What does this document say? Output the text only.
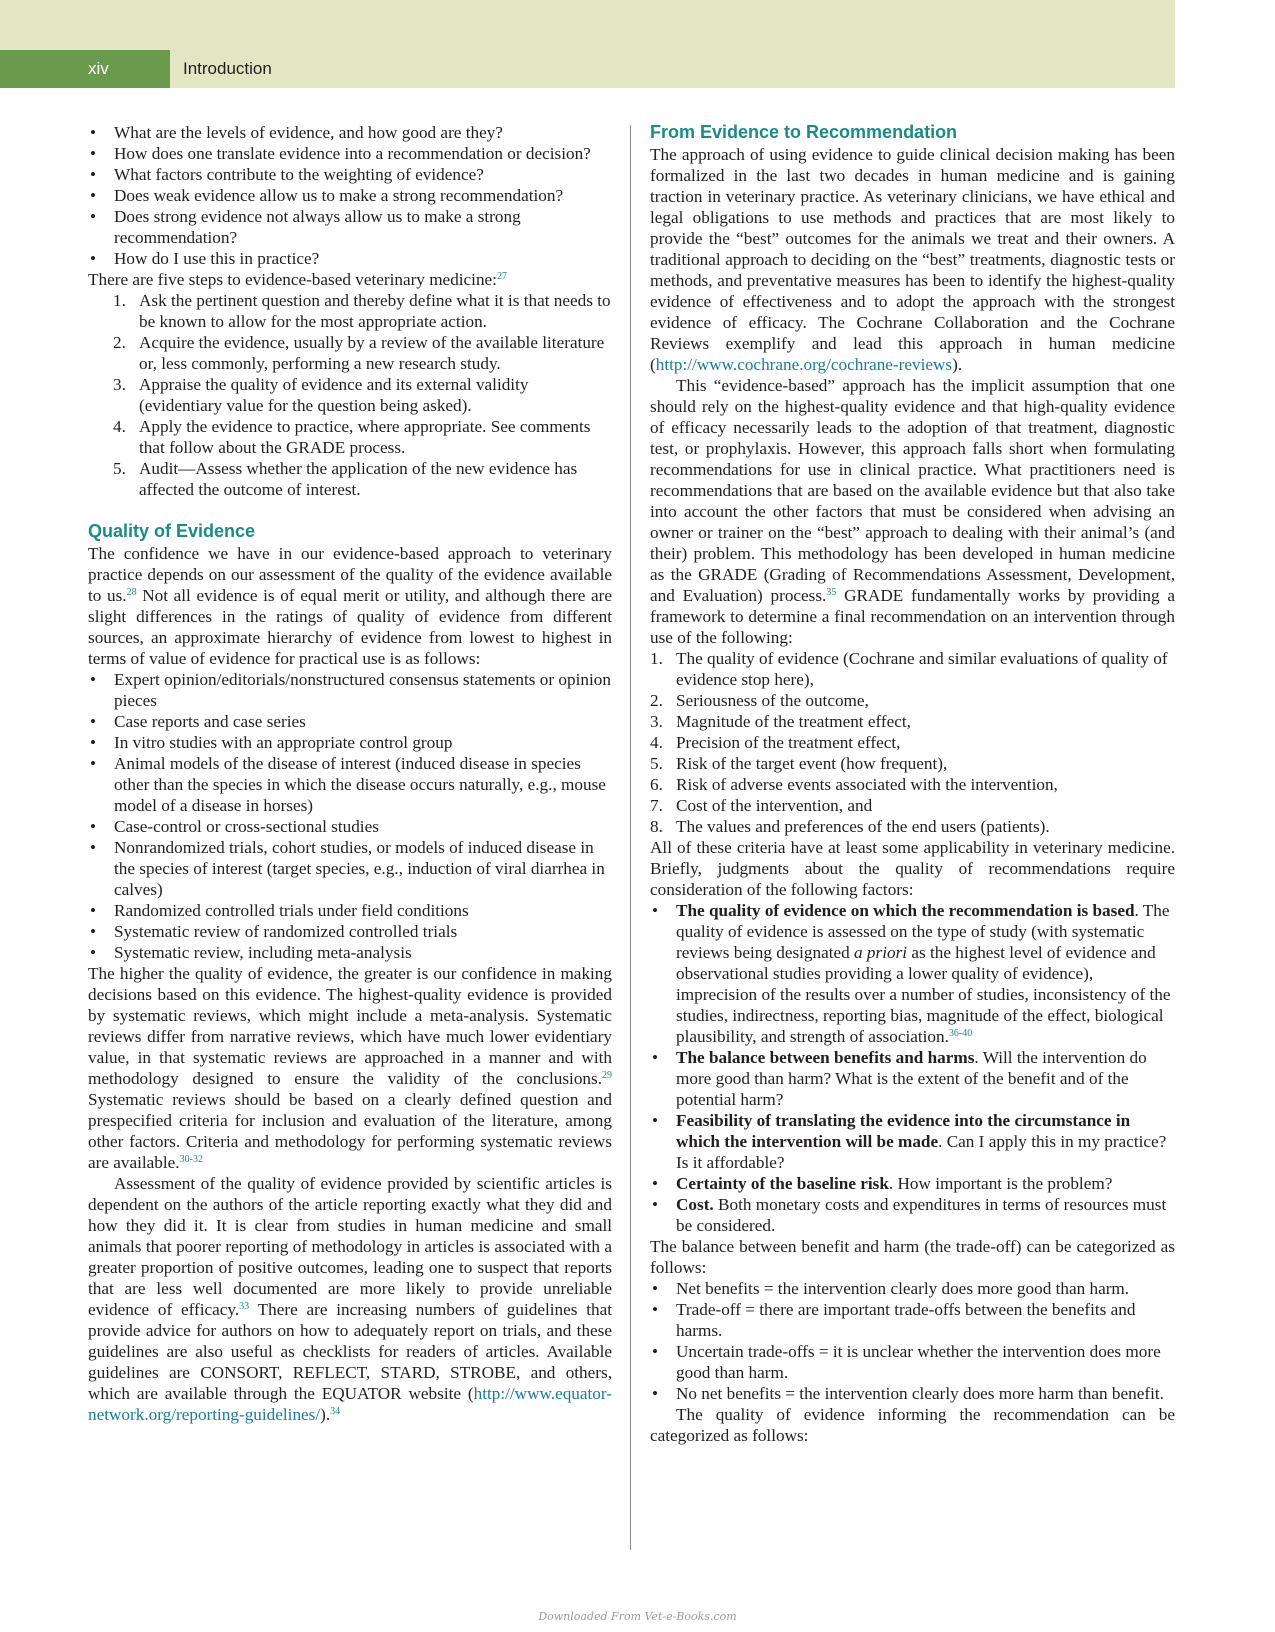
xiv	Introduction
• What are the levels of evidence, and how good are they?
• How does one translate evidence into a recommendation or decision?
• What factors contribute to the weighting of evidence?
• Does weak evidence allow us to make a strong recommendation?
• Does strong evidence not always allow us to make a strong recommendation?
• How do I use this in practice?

There are five steps to evidence-based veterinary medicine:$^{27}$

1. Ask the pertinent question and thereby define what it is that needs to be known to allow for the most appropriate action.
2. Acquire the evidence, usually by a review of the available literature or, less commonly, performing a new research study.
3. Appraise the quality of evidence and its external validity (evidentiary value for the question being asked).
4. Apply the evidence to practice, where appropriate. See comments that follow about the GRADE process.
5. Audit—Assess whether the application of the new evidence has affected the outcome of interest.
Quality of Evidence

The confidence we have in our evidence-based approach to veterinary practice depends on our assessment of the quality of the evidence available to us.$^{28}$ Not all evidence is of equal merit or utility, and although there are slight differences in the ratings of quality of evidence from different sources, an approximate hierarchy of evidence from lowest to highest in terms of value of evidence for practical use is as follows:

• Expert opinion/editorials/nonstructured consensus statements or opinion pieces
• Case reports and case series
• In vitro studies with an appropriate control group
• Animal models of the disease of interest (induced disease in species other than the species in which the disease occurs naturally, e.g., mouse model of a disease in horses)
• Case-control or cross-sectional studies
• Nonrandomized trials, cohort studies, or models of induced disease in the species of interest (target species, e.g., induction of viral diarrhea in calves)
• Randomized controlled trials under field conditions
• Systematic review of randomized controlled trials
• Systematic review, including meta-analysis

The higher the quality of evidence, the greater is our confidence in making decisions based on this evidence. The highest-quality evidence is provided by systematic reviews, which might include a meta-analysis. Systematic reviews differ from narrative reviews, which have much lower evidentiary value, in that systematic reviews are approached in a manner and with methodology designed to ensure the validity of the conclusions.$^{29}$ Systematic reviews should be based on a clearly defined question and prespecified criteria for inclusion and evaluation of the literature, among other factors. Criteria and methodology for performing systematic reviews are available.$^{30-32}$

Assessment of the quality of evidence provided by scientific articles is dependent on the authors of the article reporting exactly what they did and how they did it. It is clear from studies in human medicine and small animals that poorer reporting of methodology in articles is associated with a greater proportion of positive outcomes, leading one to suspect that reports that are less well documented are more likely to provide unreliable evidence of efficacy.$^{33}$ There are increasing numbers of guidelines that provide advice for authors on how to adequately report on trials, and these guidelines are also useful as checklists for readers of articles. Available guidelines are CONSORT, REFLECT, STARD, STROBE, and others, which are available through the EQUATOR website (http://www.equator-network.org/reporting-guidelines/).$^{34}$

From Evidence to Recommendation

The approach of using evidence to guide clinical decision making has been formalized in the last two decades in human medicine and is gaining traction in veterinary practice. As veterinary clinicians, we have ethical and legal obligations to use methods and practices that are most likely to provide the “best” outcomes for the animals we treat and their owners. A traditional approach to deciding on the “best” treatments, diagnostic tests or methods, and preventative measures has been to identify the highest-quality evidence of effectiveness and to adopt the approach with the strongest evidence of efficacy. The Cochrane Collaboration and the Cochrane Reviews exemplify and lead this approach in human medicine (http://www.cochrane.org/cochrane-reviews).

This “evidence-based” approach has the implicit assumption that one should rely on the highest-quality evidence and that high-quality evidence of efficacy necessarily leads to the adoption of that treatment, diagnostic test, or prophylaxis. However, this approach falls short when formulating recommendations for use in clinical practice. What practitioners need is recommendations that are based on the available evidence but that also take into account the other factors that must be considered when advising an owner or trainer on the “best” approach to dealing with their animal’s (and their) problem. This methodology has been developed in human medicine as the GRADE (Grading of Recommendations Assessment, Development, and Evaluation) process.$^{35}$ GRADE fundamentally works by providing a framework to determine a final recommendation on an intervention through use of the following:

1. The quality of evidence (Cochrane and similar evaluations of quality of evidence stop here),
2. Seriousness of the outcome,
3. Magnitude of the treatment effect,
4. Precision of the treatment effect,
5. Risk of the target event (how frequent),
6. Risk of adverse events associated with the intervention,
7. Cost of the intervention, and
8. The values and preferences of the end users (patients).

All of these criteria have at least some applicability in veterinary medicine. Briefly, judgments about the quality of recommendations require consideration of the following factors:

• The quality of evidence on which the recommendation is based. The quality of evidence is assessed on the type of study (with systematic reviews being designated a priori as the highest level of evidence and observational studies providing a lower quality of evidence), imprecision of the results over a number of studies, inconsistency of the studies, indirectness, reporting bias, magnitude of the effect, biological plausibility, and strength of association.$^{36-40}$
• The balance between benefits and harms. Will the intervention do more good than harm? What is the extent of the benefit and of the potential harm?
• Feasibility of translating the evidence into the circumstance in which the intervention will be made. Can I apply this in my practice? Is it affordable?
• Certainty of the baseline risk. How important is the problem?
• Cost. Both monetary costs and expenditures in terms of resources must be considered.

The balance between benefit and harm (the trade-off) can be categorized as follows:

• Net benefits = the intervention clearly does more good than harm.
• Trade-off = there are important trade-offs between the benefits and harms.
• Uncertain trade-offs = it is unclear whether the intervention does more good than harm.
• No net benefits = the intervention clearly does more harm than benefit.

The quality of evidence informing the recommendation can be categorized as follows:

Downloaded From Vet-e-Books.com
